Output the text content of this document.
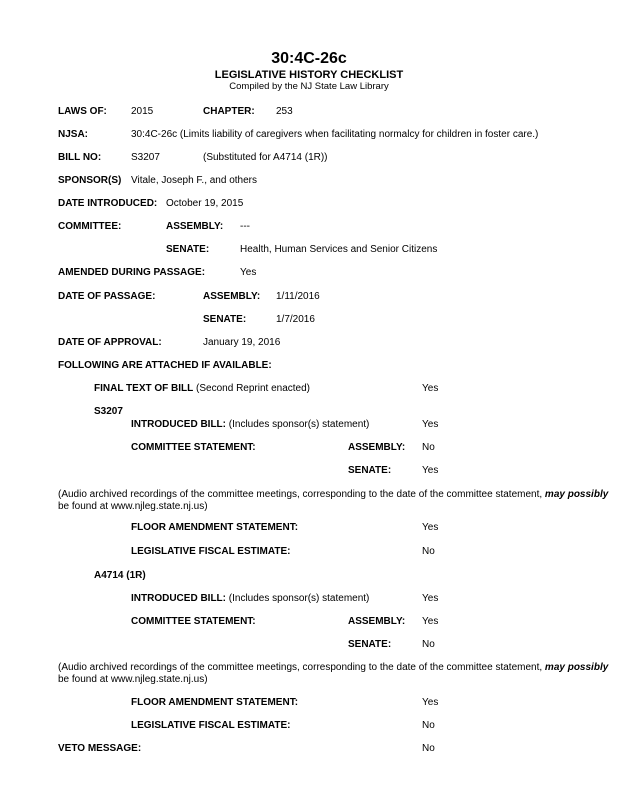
30:4C-26c
LEGISLATIVE HISTORY CHECKLIST
Compiled by the NJ State Law Library
LAWS OF: 2015	CHAPTER: 253
NJSA:	30:4C-26c (Limits liability of caregivers when facilitating normalcy for children in foster care.)
BILL NO:	S3207	(Substituted for A4714 (1R))
SPONSOR(S) Vitale, Joseph F., and others
DATE INTRODUCED: October 19, 2015
COMMITTEE:	ASSEMBLY: ---
SENATE:	Health, Human Services and Senior Citizens
AMENDED DURING PASSAGE:	Yes
DATE OF PASSAGE:	ASSEMBLY: 1/11/2016
SENATE:	1/7/2016
DATE OF APPROVAL:	January 19, 2016
FOLLOWING ARE ATTACHED IF AVAILABLE:
FINAL TEXT OF BILL (Second Reprint enacted)	Yes
S3207
INTRODUCED BILL: (Includes sponsor(s) statement)	Yes
COMMITTEE STATEMENT:	ASSEMBLY: No
SENATE:	Yes
(Audio archived recordings of the committee meetings, corresponding to the date of the committee statement, may possibly
be found at www.njleg.state.nj.us)
FLOOR AMENDMENT STATEMENT:	Yes
LEGISLATIVE FISCAL ESTIMATE:	No
A4714 (1R)
INTRODUCED BILL: (Includes sponsor(s) statement)	Yes
COMMITTEE STATEMENT:	ASSEMBLY: Yes
SENATE:	No
(Audio archived recordings of the committee meetings, corresponding to the date of the committee statement, may possibly
be found at www.njleg.state.nj.us)
FLOOR AMENDMENT STATEMENT:	Yes
LEGISLATIVE FISCAL ESTIMATE:	No
VETO MESSAGE:	No
